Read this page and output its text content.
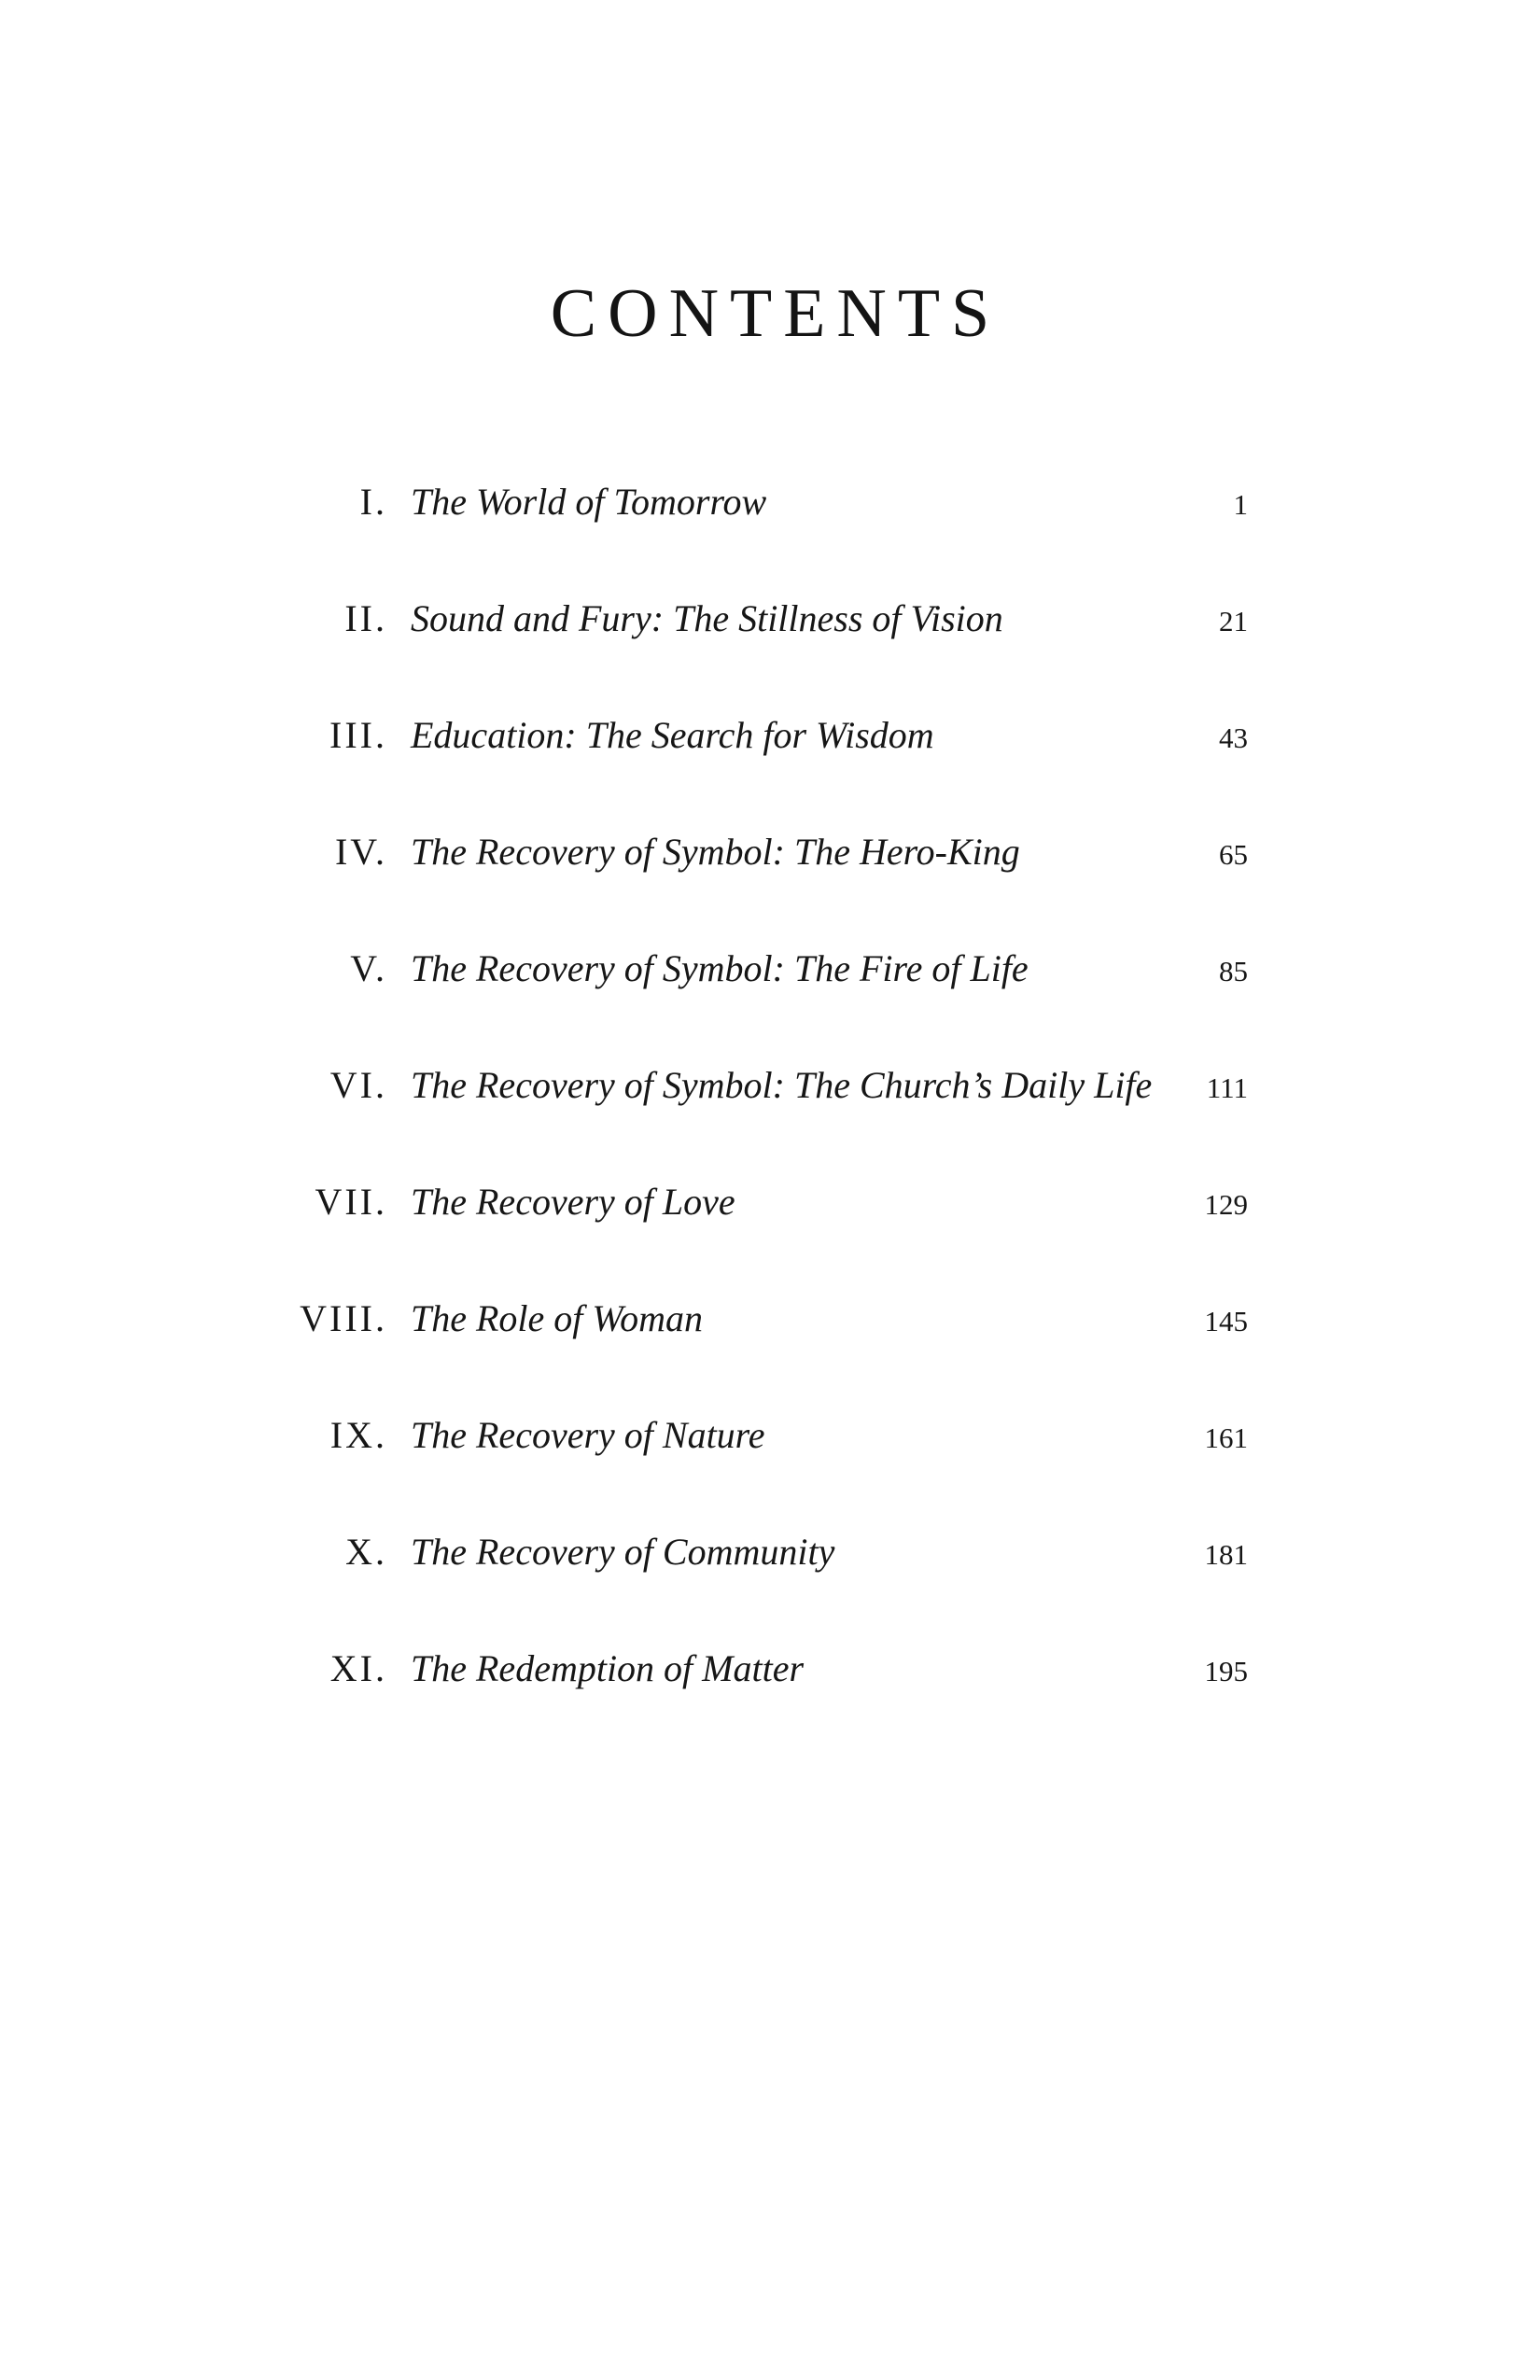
CONTENTS
I. The World of Tomorrow	1
II. Sound and Fury: The Stillness of Vision	21
III. Education: The Search for Wisdom	43
IV. The Recovery of Symbol: The Hero-King	65
V. The Recovery of Symbol: The Fire of Life	85
VI. The Recovery of Symbol: The Church’s Daily Life 111
VII. The Recovery of Love	129
VIII. The Role of Woman	145
IX. The Recovery of Nature	161
X. The Recovery of Community	181
XI. The Redemption of Matter	195
